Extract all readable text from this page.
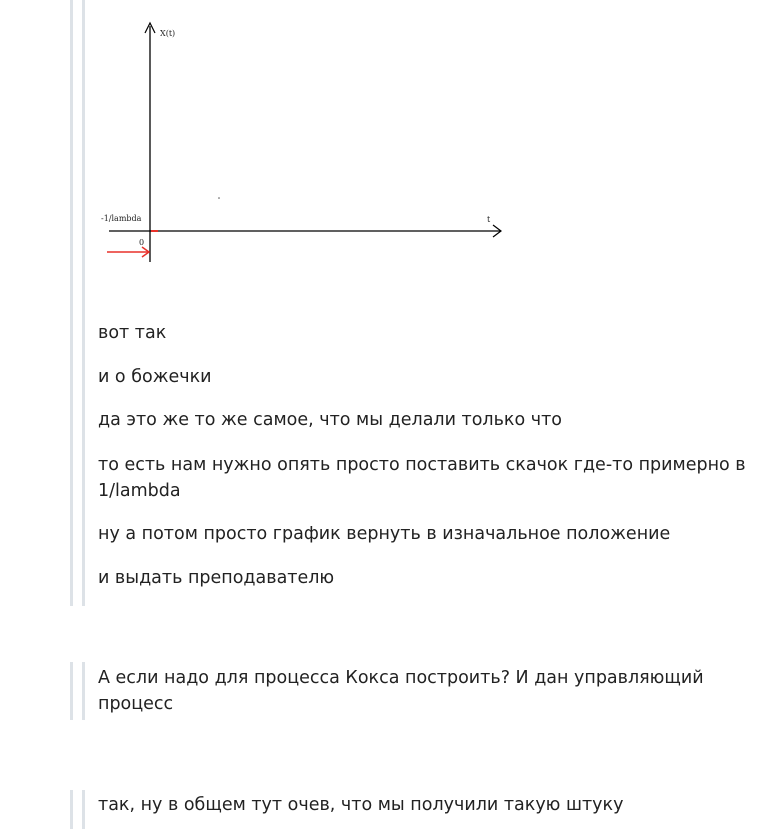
X(t)
t
-1/lambda
0

вот так

и о божечки

да это же то же самое, что мы делали только что

то есть нам нужно опять просто поставить скачок где-то примерно в 1/lambda

ну а потом просто график вернуть в изначальное положение

и выдать преподавателю

А если надо для процесса Кокса построить? И дан управляющий процесс

так, ну в общем тут очев, что мы получили такую штуку
